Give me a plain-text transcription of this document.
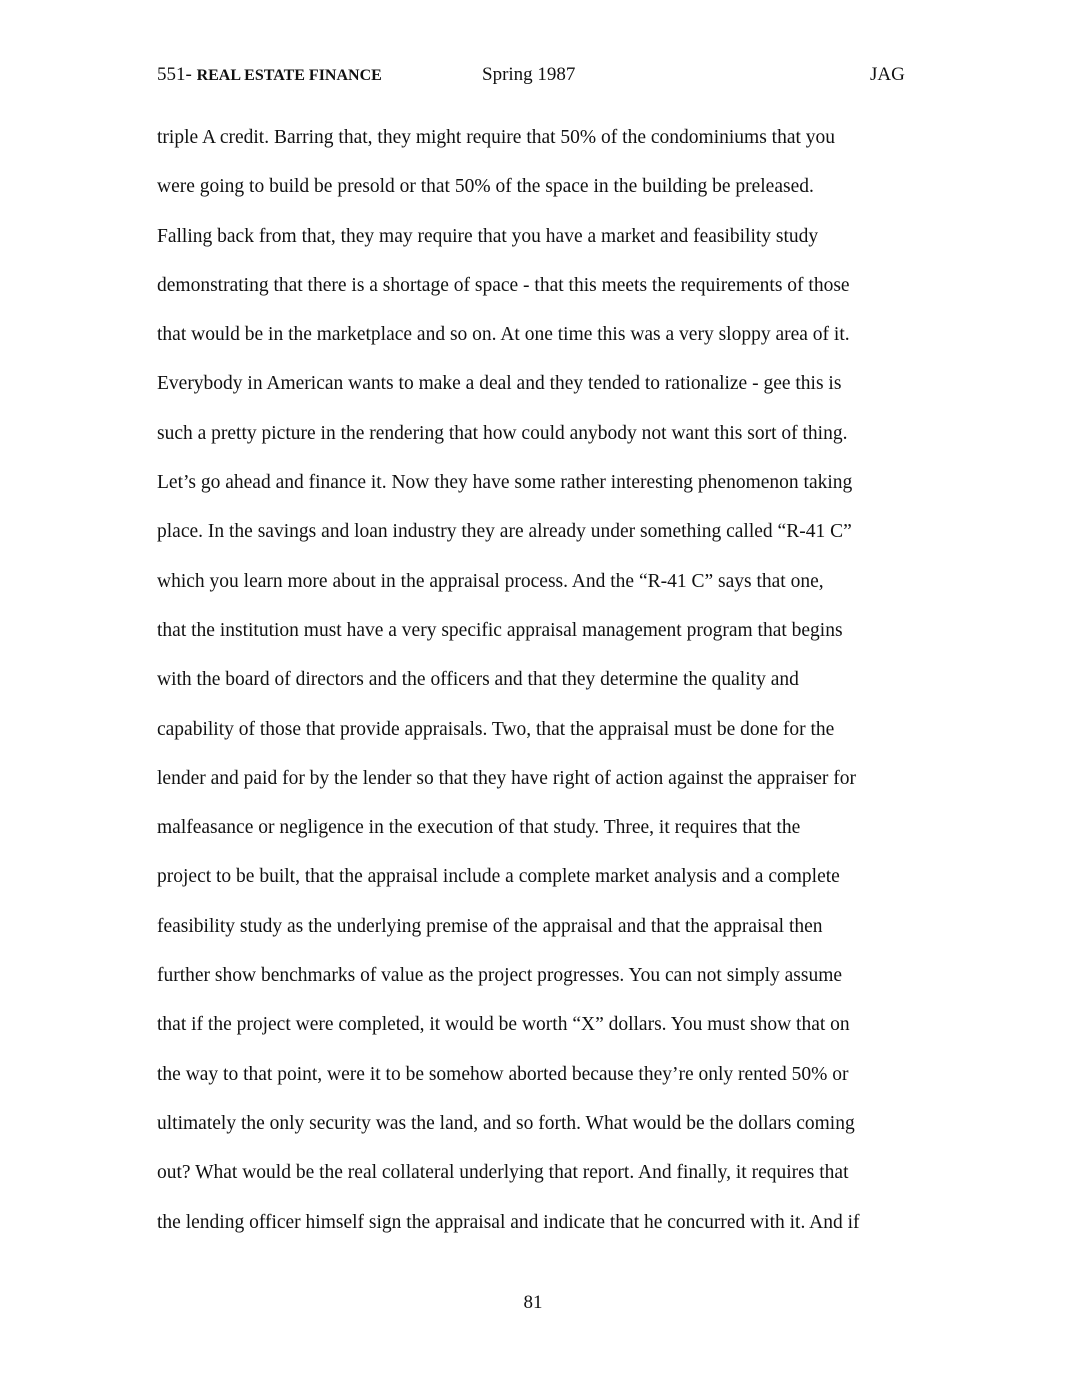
551- REAL ESTATE FINANCE	Spring 1987	JAG
triple A credit. Barring that, they might require that 50% of the condominiums that you
were going to build be presold or that 50% of the space in the building be preleased.
Falling back from that, they may require that you have a market and feasibility study
demonstrating that there is a shortage of space - that this meets the requirements of those
that would be in the marketplace and so on. At one time this was a very sloppy area of it.
Everybody in American wants to make a deal and they tended to rationalize - gee this is
such a pretty picture in the rendering that how could anybody not want this sort of thing.
Let’s go ahead and finance it. Now they have some rather interesting phenomenon taking
place. In the savings and loan industry they are already under something called “R-41 C”
which you learn more about in the appraisal process. And the “R-41 C” says that one,
that the institution must have a very specific appraisal management program that begins
with the board of directors and the officers and that they determine the quality and
capability of those that provide appraisals. Two, that the appraisal must be done for the
lender and paid for by the lender so that they have right of action against the appraiser for
malfeasance or negligence in the execution of that study. Three, it requires that the
project to be built, that the appraisal include a complete market analysis and a complete
feasibility study as the underlying premise of the appraisal and that the appraisal then
further show benchmarks of value as the project progresses. You can not simply assume
that if the project were completed, it would be worth “X” dollars. You must show that on
the way to that point, were it to be somehow aborted because they’re only rented 50% or
ultimately the only security was the land, and so forth. What would be the dollars coming
out? What would be the real collateral underlying that report. And finally, it requires that
the lending officer himself sign the appraisal and indicate that he concurred with it. And if
81
